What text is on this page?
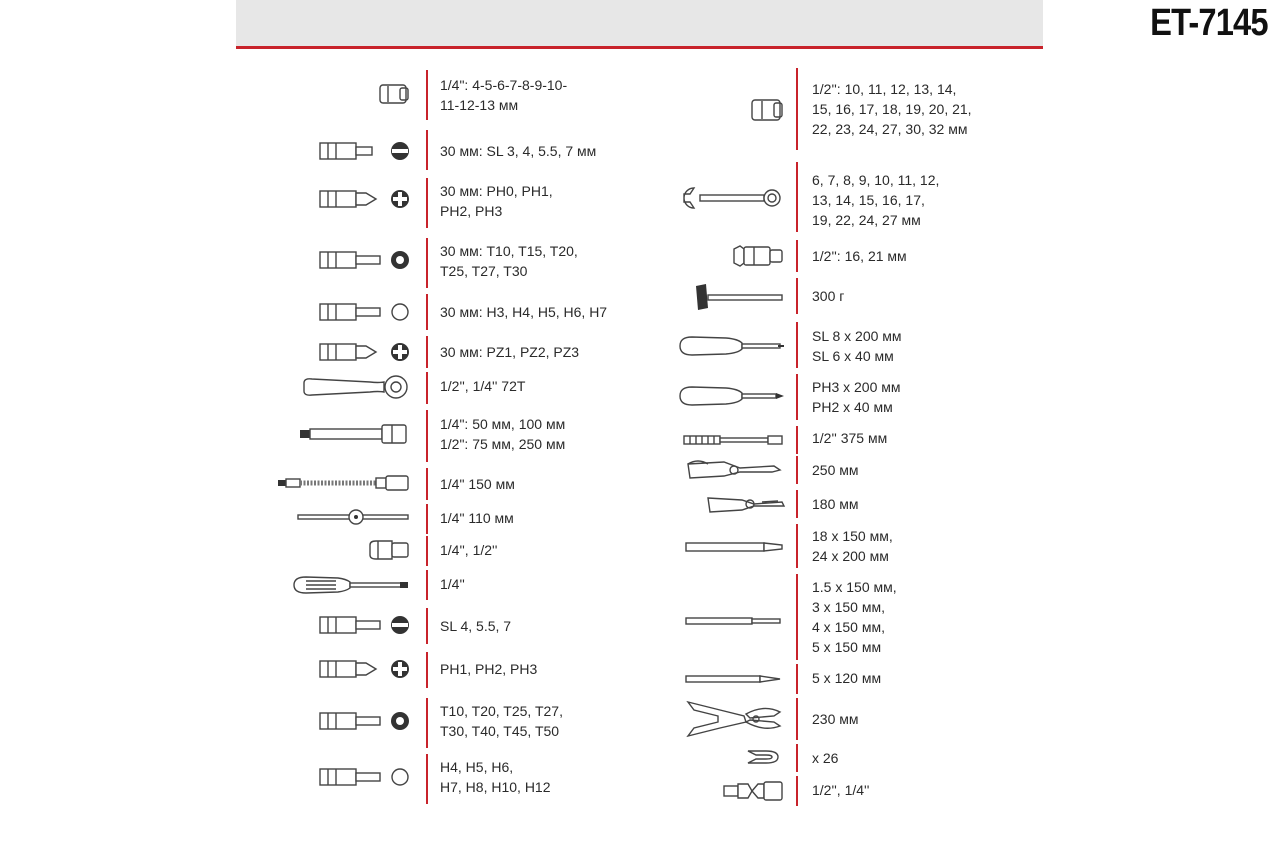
ET-7145
1/4": 4-5-6-7-8-9-10-
11-12-13 мм
30 мм: SL 3, 4, 5.5, 7 мм
30 мм: PH0, PH1,
PH2, PH3
30 мм: T10, T15, T20,
T25, T27, T30
30 мм: H3, H4, H5, H6, H7
30 мм: PZ1, PZ2, PZ3
1/2'', 1/4'' 72T
1/4": 50 мм, 100 мм
1/2": 75 мм, 250 мм
1/4" 150 мм
1/4" 110 мм
1/4'', 1/2''
1/4''
SL 4, 5.5, 7
PH1, PH2, PH3
T10, T20, T25, T27,
T30, T40, T45, T50
H4, H5, H6,
H7, H8, H10, H12
1/2'': 10, 11, 12, 13, 14,
15, 16, 17, 18, 19, 20, 21,
22, 23, 24, 27, 30, 32 мм
6, 7, 8, 9, 10, 11, 12,
13, 14, 15, 16, 17,
19, 22, 24, 27 мм
1/2'': 16, 21 мм
300 г
SL 8 x 200 мм
SL 6 x 40 мм
PH3 x 200 мм
PH2 x 40 мм
1/2'' 375 мм
250 мм
180 мм
18 x 150 мм,
24 x 200 мм
1.5 x 150 мм,
3 x 150 мм,
4 x 150 мм,
5 x 150 мм
5 x 120 мм
230 мм
x 26
1/2'', 1/4''
